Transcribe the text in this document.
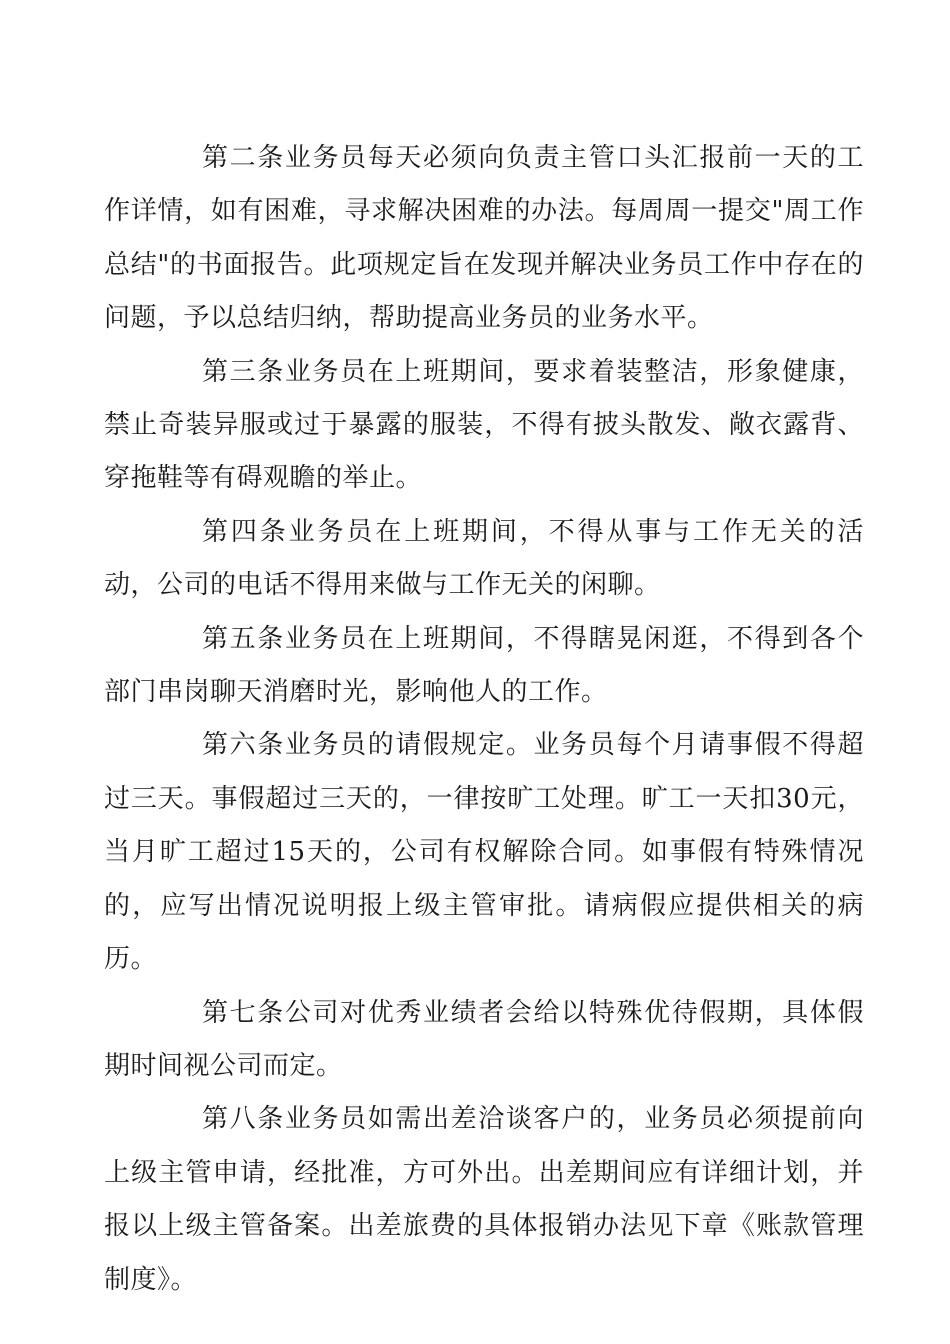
第二条业务员每天必须向负责主管口头汇报前一天的工作详情，如有困难，寻求解决困难的办法。每周周一提交"周工作总结"的书面报告。此项规定旨在发现并解决业务员工作中存在的问题，予以总结归纳，帮助提高业务员的业务水平。

第三条业务员在上班期间，要求着装整洁，形象健康，禁止奇装异服或过于暴露的服装，不得有披头散发、敞衣露背、穿拖鞋等有碍观瞻的举止。

第四条业务员在上班期间，不得从事与工作无关的活动，公司的电话不得用来做与工作无关的闲聊。

第五条业务员在上班期间，不得瞎晃闲逛，不得到各个部门串岗聊天消磨时光，影响他人的工作。

第六条业务员的请假规定。业务员每个月请事假不得超过三天。事假超过三天的，一律按旷工处理。旷工一天扣30元，当月旷工超过15天的，公司有权解除合同。如事假有特殊情况的，应写出情况说明报上级主管审批。请病假应提供相关的病历。

第七条公司对优秀业绩者会给以特殊优待假期，具体假期时间视公司而定。

第八条业务员如需出差洽谈客户的，业务员必须提前向上级主管申请，经批准，方可外出。出差期间应有详细计划，并报以上级主管备案。出差旅费的具体报销办法见下章《账款管理制度》。
